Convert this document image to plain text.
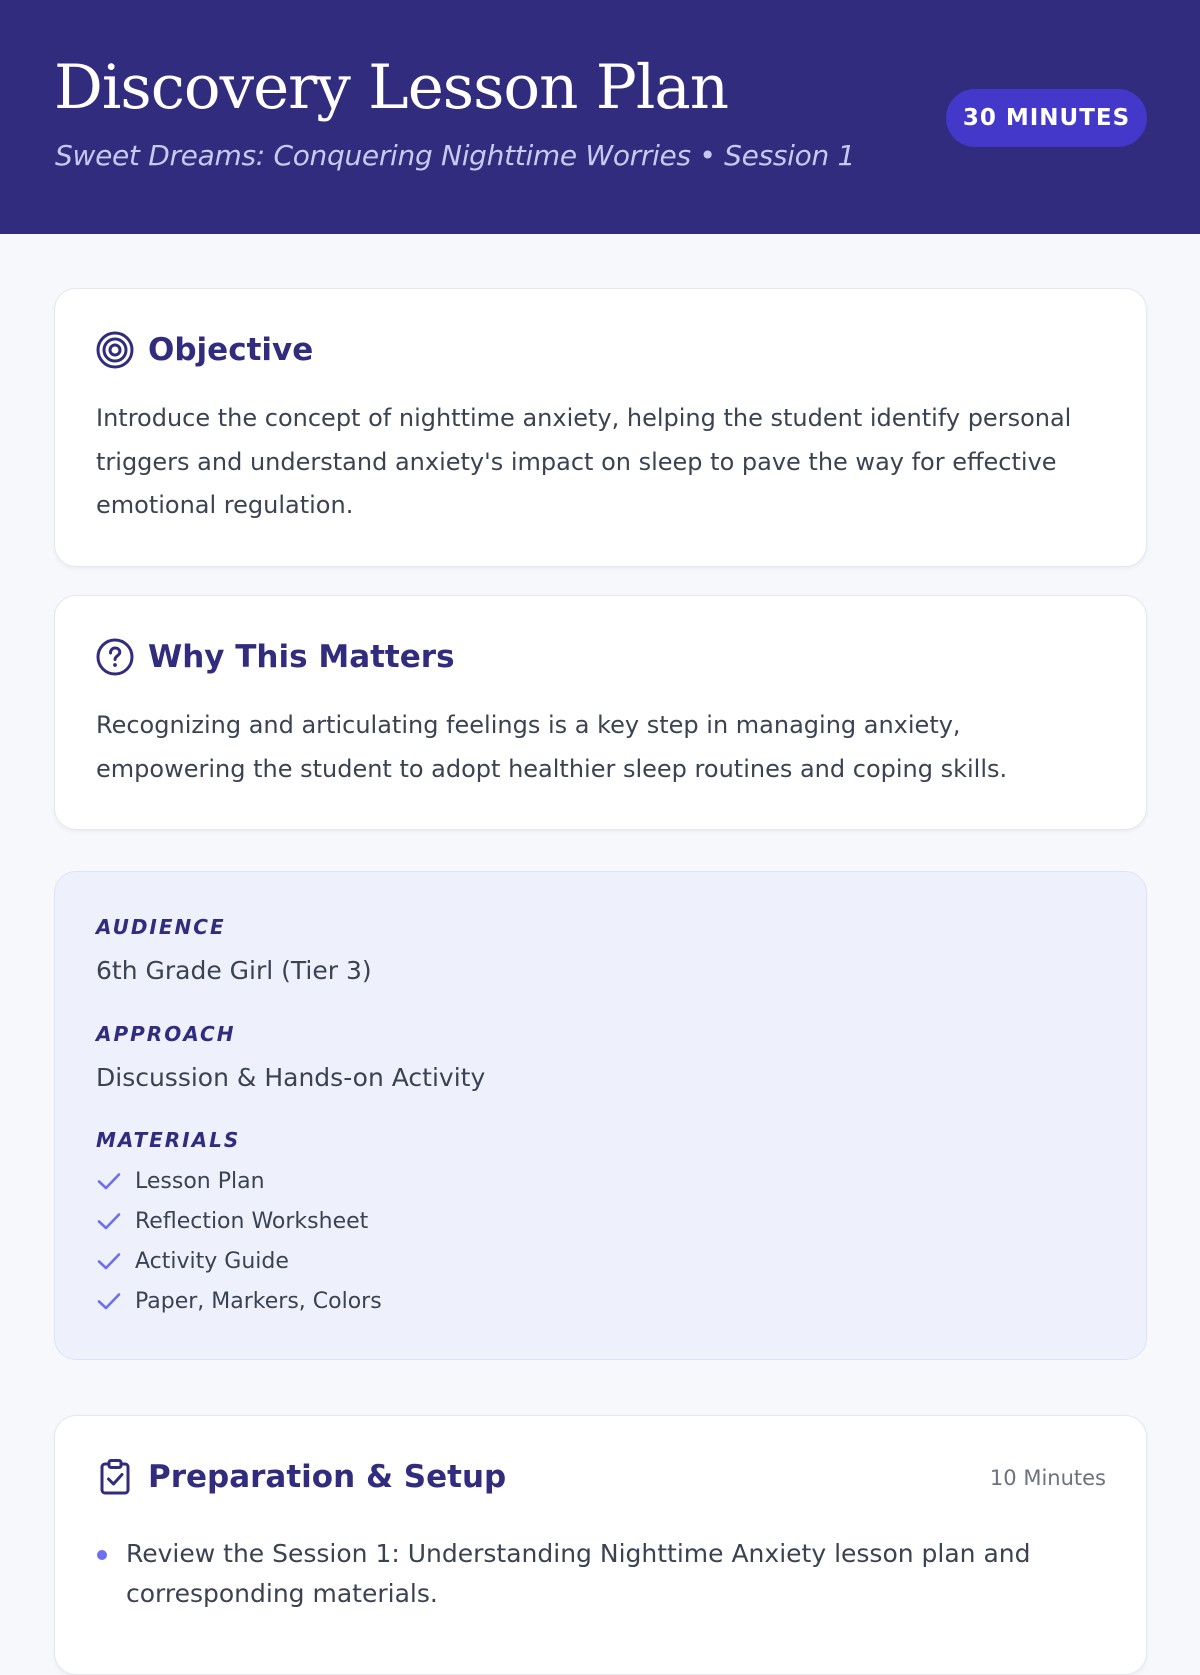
Discovery Lesson Plan
Sweet Dreams: Conquering Nighttime Worries • Session 1
30 MINUTES
Objective

Introduce the concept of nighttime anxiety, helping the student identify personal triggers and understand anxiety's impact on sleep to pave the way for effective emotional regulation.

Why This Matters

Recognizing and articulating feelings is a key step in managing anxiety, empowering the student to adopt healthier sleep routines and coping skills.

AUDIENCE
6th Grade Girl (Tier 3)
APPROACH
Discussion & Hands-on Activity
MATERIALS
Lesson Plan
Reflection Worksheet
Activity Guide
Paper, Markers, Colors
Preparation & Setup	10 Minutes
Review the Session 1: Understanding Nighttime Anxiety lesson plan and corresponding materials.
